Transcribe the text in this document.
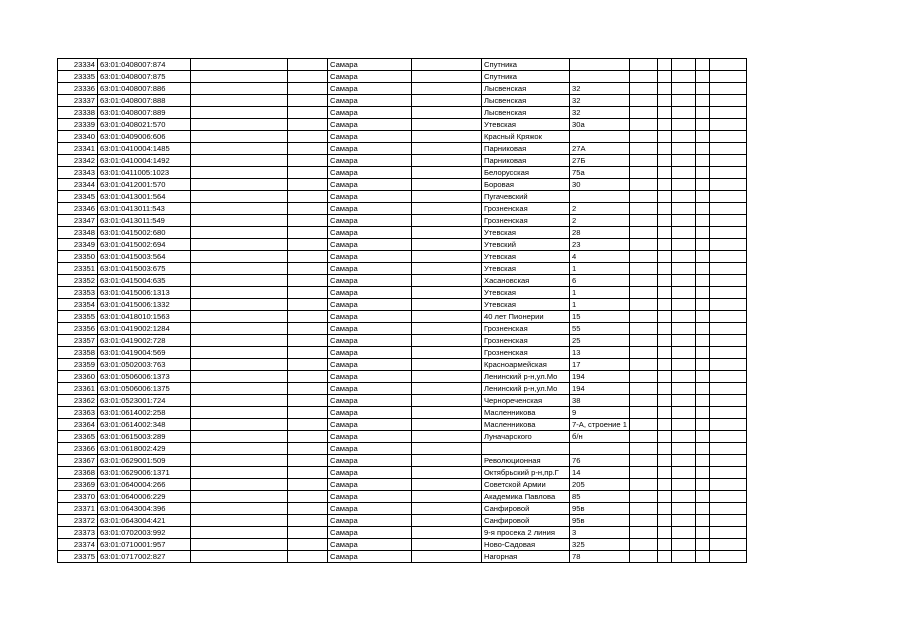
23334	63:01:0408007:874			Самара		Спутника						
23335	63:01:0408007:875			Самара		Спутника						
23336	63:01:0408007:886			Самара		Лысвенская	32					
23337	63:01:0408007:888			Самара		Лысвенская	32					
23338	63:01:0408007:889			Самара		Лысвенская	32					
23339	63:01:0408021:570			Самара		Утевская	30а					
23340	63:01:0409006:606			Самара		Красный Кряжок						
23341	63:01:0410004:1485			Самара		Парниковая	27А					
23342	63:01:0410004:1492			Самара		Парниковая	27Б					
23343	63:01:0411005:1023			Самара		Белорусская	75а					
23344	63:01:0412001:570			Самара		Боровая	30					
23345	63:01:0413001:564			Самара		Пугачевский						
23346	63:01:0413011:543			Самара		Грозненская	2					
23347	63:01:0413011:549			Самара		Грозненская	2					
23348	63:01:0415002:680			Самара		Утевская	28					
23349	63:01:0415002:694			Самара		Утевский	23					
23350	63:01:0415003:564			Самара		Утевская	4					
23351	63:01:0415003:675			Самара		Утевская	1					
23352	63:01:0415004:635			Самара		Хасановская	6					
23353	63:01:0415006:1313			Самара		Утевская	1					
23354	63:01:0415006:1332			Самара		Утевская	1					
23355	63:01:0418010:1563			Самара		40 лет Пионерии	15					
23356	63:01:0419002:1284			Самара		Грозненская	55					
23357	63:01:0419002:728			Самара		Грозненская	25					
23358	63:01:0419004:569			Самара		Грозненская	13					
23359	63:01:0502003:763			Самара		Красноармейская	17					
23360	63:01:0506006:1373			Самара		Ленинский р-н,ул.Мо	194					
23361	63:01:0506006:1375			Самара		Ленинский р-н,ул.Мо	194					
23362	63:01:0523001:724			Самара		Чернореченская	38					
23363	63:01:0614002:258			Самара		Масленникова	9					
23364	63:01:0614002:348			Самара		Масленникова	7-А, строение 1					
23365	63:01:0615003:289			Самара		Луначарского	б/н					
23366	63:01:0618002:429			Самара								
23367	63:01:0629001:509			Самара		Революционная	76					
23368	63:01:0629006:1371			Самара		Октябрьский р-н,пр.Г	14					
23369	63:01:0640004:266			Самара		Советской Армии	205					
23370	63:01:0640006:229			Самара		Академика Павлова	85					
23371	63:01:0643004:396			Самара		Санфировой	95в					
23372	63:01:0643004:421			Самара		Санфировой	95в					
23373	63:01:0702003:992			Самара		9-я просека 2 линия	3					
23374	63:01:0710001:957			Самара		Ново-Садовая	325					
23375	63:01:0717002:827			Самара		Нагорная	78					
